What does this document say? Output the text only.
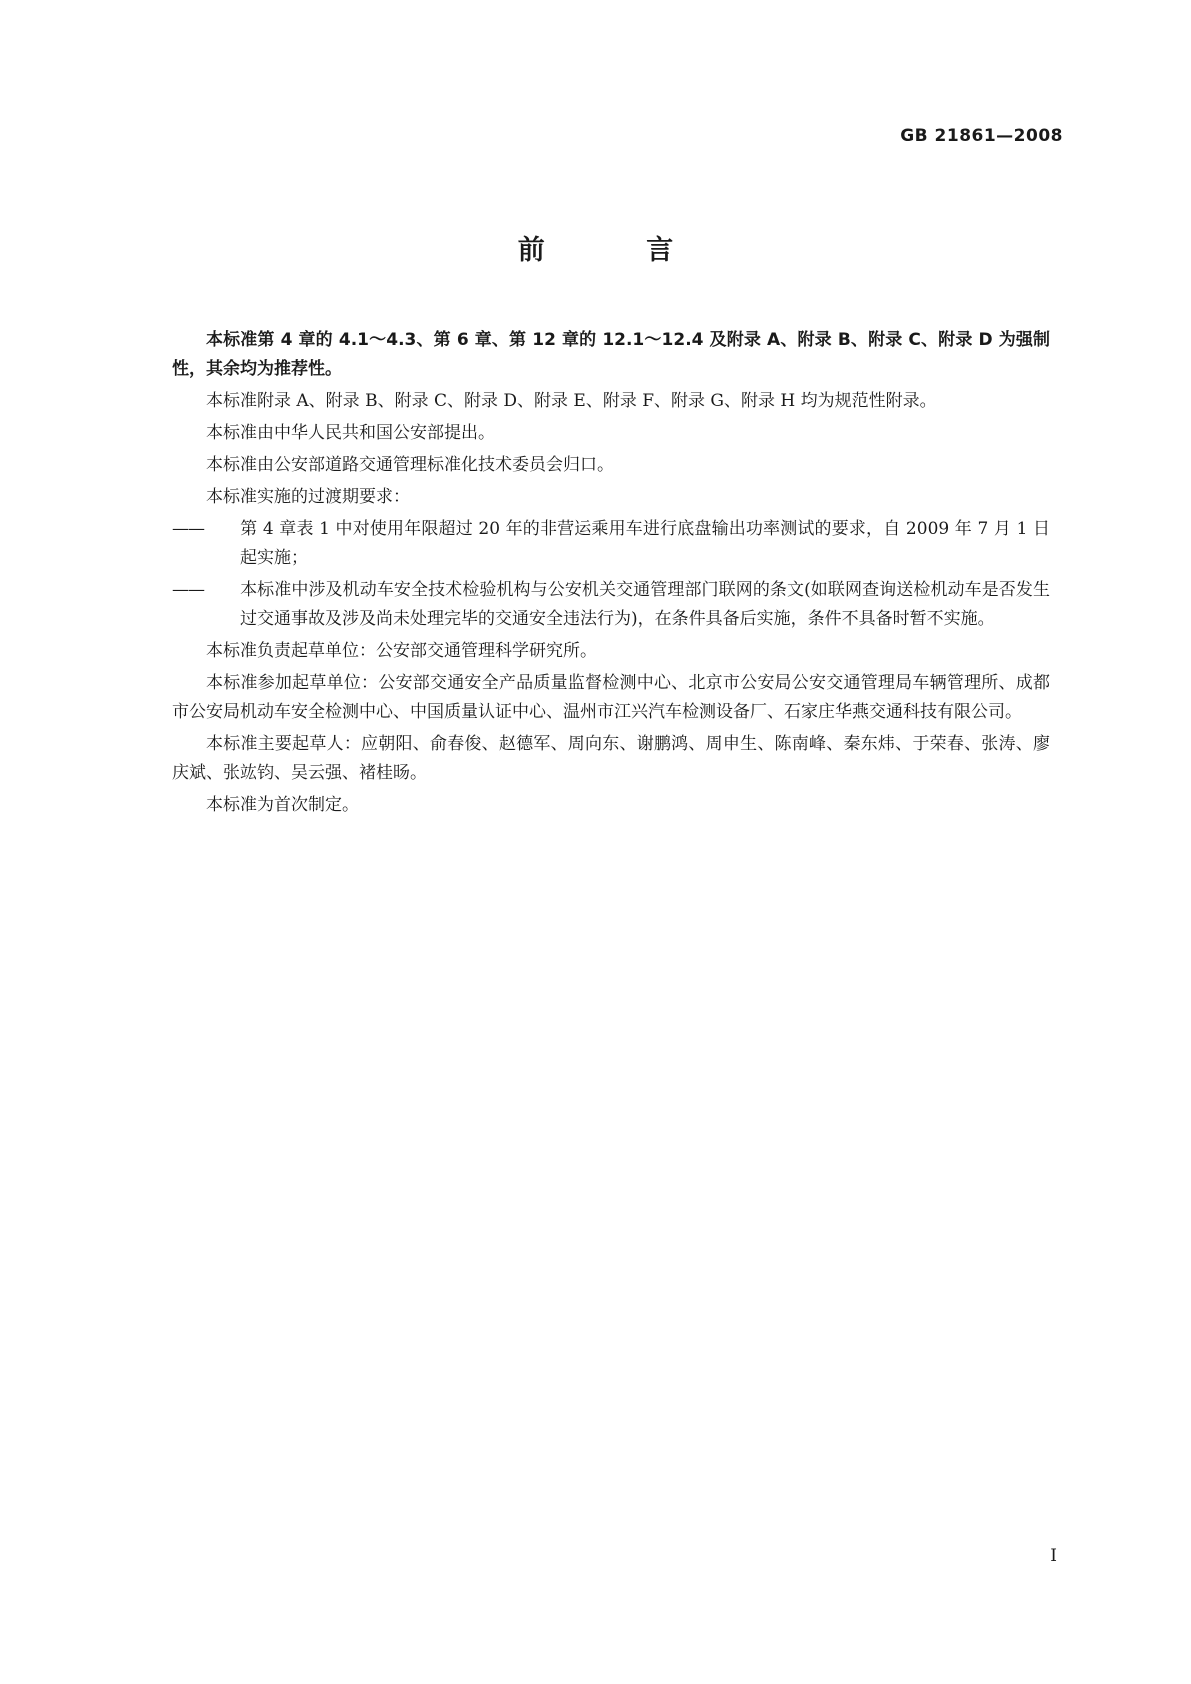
GB 21861—2008
前 言

本标准第 4 章的 4.1～4.3、第 6 章、第 12 章的 12.1～12.4 及附录 A、附录 B、附录 C、附录 D 为强制性，其余均为推荐性。

本标准附录 A、附录 B、附录 C、附录 D、附录 E、附录 F、附录 G、附录 H 均为规范性附录。

本标准由中华人民共和国公安部提出。

本标准由公安部道路交通管理标准化技术委员会归口。

本标准实施的过渡期要求：

—— 第 4 章表 1 中对使用年限超过 20 年的非营运乘用车进行底盘输出功率测试的要求，自 2009 年 7 月 1 日起实施；

—— 本标准中涉及机动车安全技术检验机构与公安机关交通管理部门联网的条文(如联网查询送检机动车是否发生过交通事故及涉及尚未处理完毕的交通安全违法行为)，在条件具备后实施，条件不具备时暂不实施。

本标准负责起草单位：公安部交通管理科学研究所。

本标准参加起草单位：公安部交通安全产品质量监督检测中心、北京市公安局公安交通管理局车辆管理所、成都市公安局机动车安全检测中心、中国质量认证中心、温州市江兴汽车检测设备厂、石家庄华燕交通科技有限公司。

本标准主要起草人：应朝阳、俞春俊、赵德军、周向东、谢鹏鸿、周申生、陈南峰、秦东炜、于荣春、张涛、廖庆斌、张竑钧、吴云强、褚桂旸。

本标准为首次制定。

I
